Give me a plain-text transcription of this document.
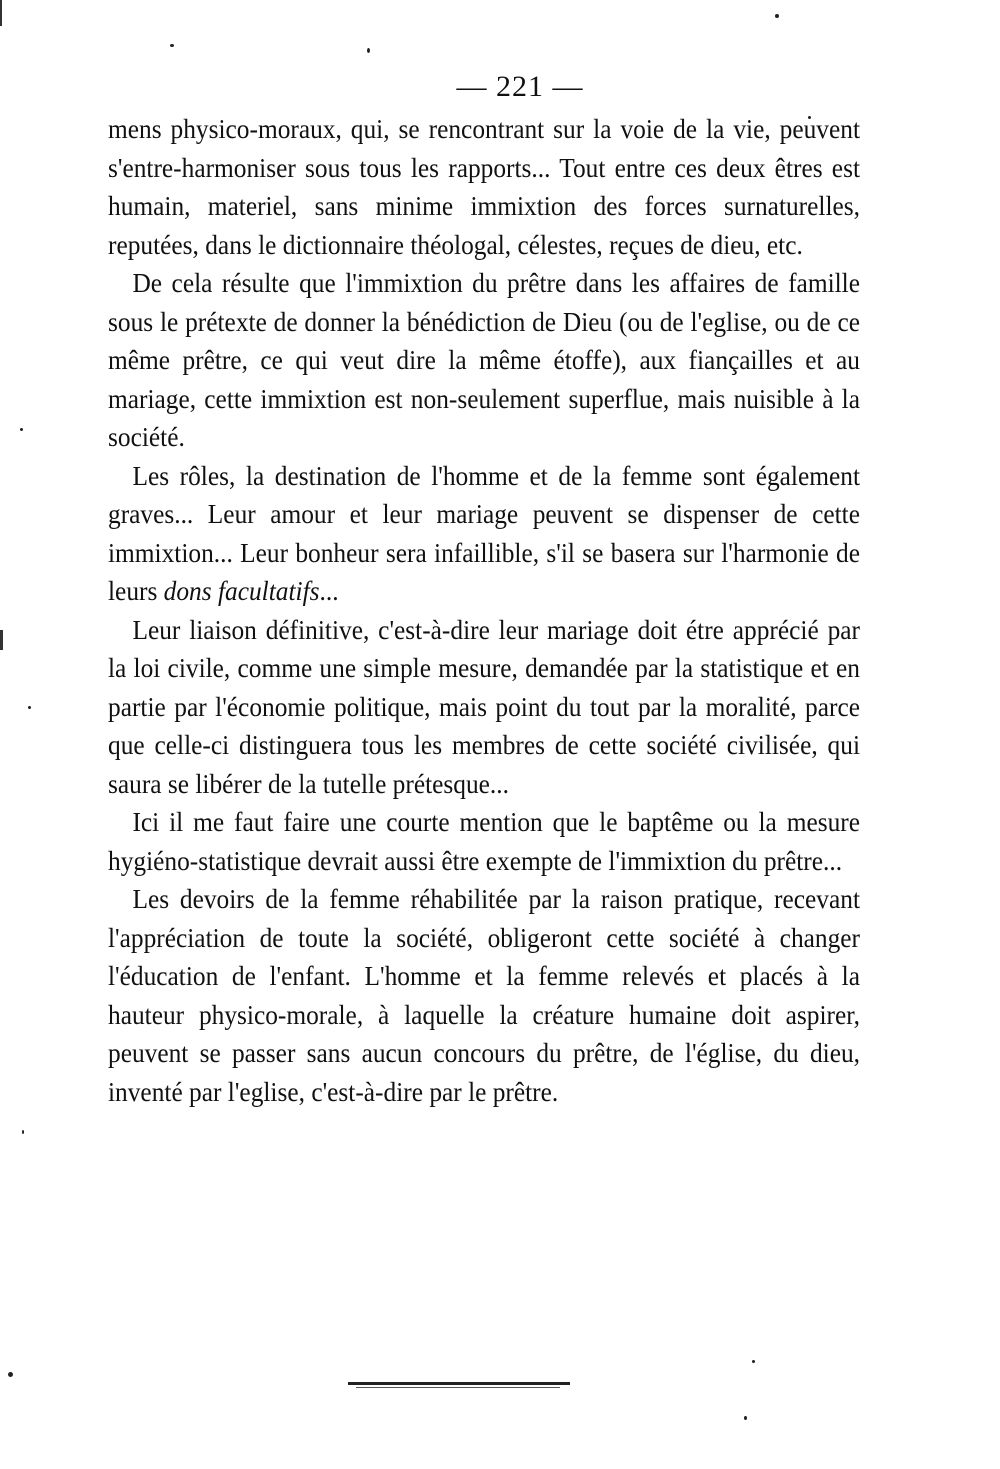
— 221 —

mens physico-moraux, qui, se rencontrant sur la voie de la vie, peuvent s'entre-harmoniser sous tous les rapports... Tout entre ces deux êtres est humain, materiel, sans minime immixtion des forces surnaturelles, reputées, dans le dictionnaire théologal, célestes, reçues de dieu, etc.

De cela résulte que l'immixtion du prêtre dans les affaires de famille sous le prétexte de donner la bénédiction de Dieu (ou de l'eglise, ou de ce même prêtre, ce qui veut dire la même étoffe), aux fiançailles et au mariage, cette immixtion est non-seulement superflue, mais nuisible à la société.

Les rôles, la destination de l'homme et de la femme sont également graves... Leur amour et leur mariage peuvent se dispenser de cette immixtion... Leur bonheur sera infaillible, s'il se basera sur l'harmonie de leurs dons facultatifs...

Leur liaison définitive, c'est-à-dire leur mariage doit étre apprécié par la loi civile, comme une simple mesure, demandée par la statistique et en partie par l'économie politique, mais point du tout par la moralité, parce que celle-ci distinguera tous les membres de cette société civilisée, qui saura se libérer de la tutelle prétesque...

Ici il me faut faire une courte mention que le baptême ou la mesure hygiéno-statistique devrait aussi être exempte de l'immixtion du prêtre...

Les devoirs de la femme réhabilitée par la raison pratique, recevant l'appréciation de toute la société, obligeront cette société à changer l'éducation de l'enfant. L'homme et la femme relevés et placés à la hauteur physico-morale, à laquelle la créature humaine doit aspirer, peuvent se passer sans aucun concours du prêtre, de l'église, du dieu, inventé par l'eglise, c'est-à-dire par le prêtre.
